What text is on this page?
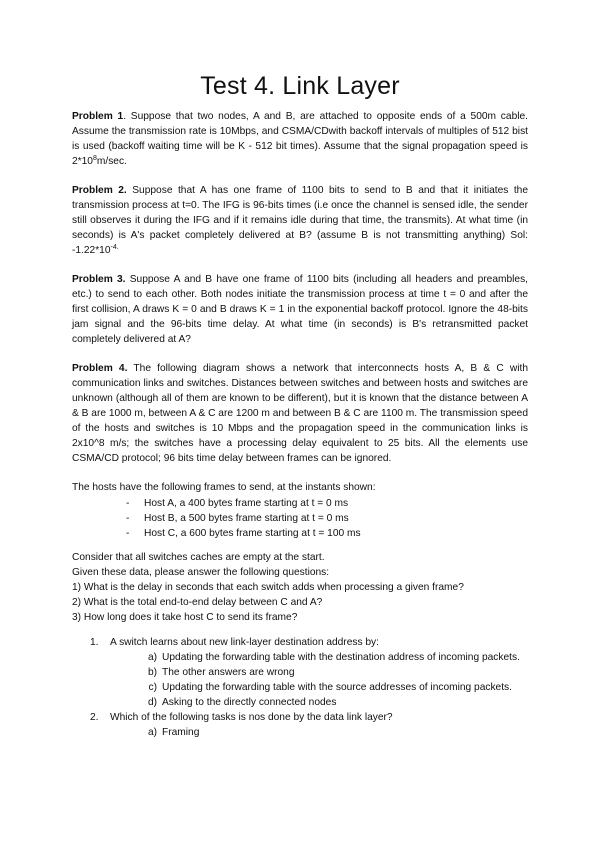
Test 4. Link Layer

Problem 1. Suppose that two nodes, A and B, are attached to opposite ends of a 500m cable. Assume the transmission rate is 10Mbps, and CSMA/CDwith backoff intervals of multiples of 512 bist is used (backoff waiting time will be K - 512 bit times). Assume that the signal propagation speed is $2*10^8m/\sec$.

Problem 2. Suppose that A has one frame of 1100 bits to send to B and that it initiates the transmission process at t=0. The IFG is 96-bits times (i.e once the channel is sensed idle, the sender still observes it during the IFG and if it remains idle during that time, the transmits). At what time (in seconds) is A's packet completely delivered at B? (assume B is not transmitting anything) Sol: $-1.22*10^{-4.}$

Problem 3. Suppose A and B have one frame of 1100 bits (including all headers and preambles, etc.) to send to each other. Both nodes initiate the transmission process at time t = 0 and after the first collision, A draws K = 0 and B draws K = 1 in the exponential backoff protocol. Ignore the 48-bits jam signal and the 96-bits time delay. At what time (in seconds) is B's retransmitted packet completely delivered at A?

Problem 4. The following diagram shows a network that interconnects hosts A, B & C with communication links and switches. Distances between switches and between hosts and switches are unknown (although all of them are known to be different), but it is known that the distance between A & B are 1000 m, between A & C are 1200 m and between B & C are 1100 m. The transmission speed of the hosts and switches is 10 Mbps and the propagation speed in the communication links is 2x10^8 m/s; the switches have a processing delay equivalent to 25 bits. All the elements use CSMA/CD protocol; 96 bits time delay between frames can be ignored.

The hosts have the following frames to send, at the instants shown:

- Host A, a 400 bytes frame starting at t = 0 ms
- Host B, a 500 bytes frame starting at t = 0 ms
- Host C, a 600 bytes frame starting at t = 100 ms
Consider that all switches caches are empty at the start.
Given these data, please answer the following questions:
1) What is the delay in seconds that each switch adds when processing a given frame?
2) What is the total end-to-end delay between C and A?
3) How long does it take host C to send its frame?
1. A switch learns about new link-layer destination address by:
a) Updating the forwarding table with the destination address of incoming packets.
b) The other answers are wrong
c) Updating the forwarding table with the source addresses of incoming packets.
d) Asking to the directly connected nodes
2. Which of the following tasks is nos done by the data link layer?
a) Framing
